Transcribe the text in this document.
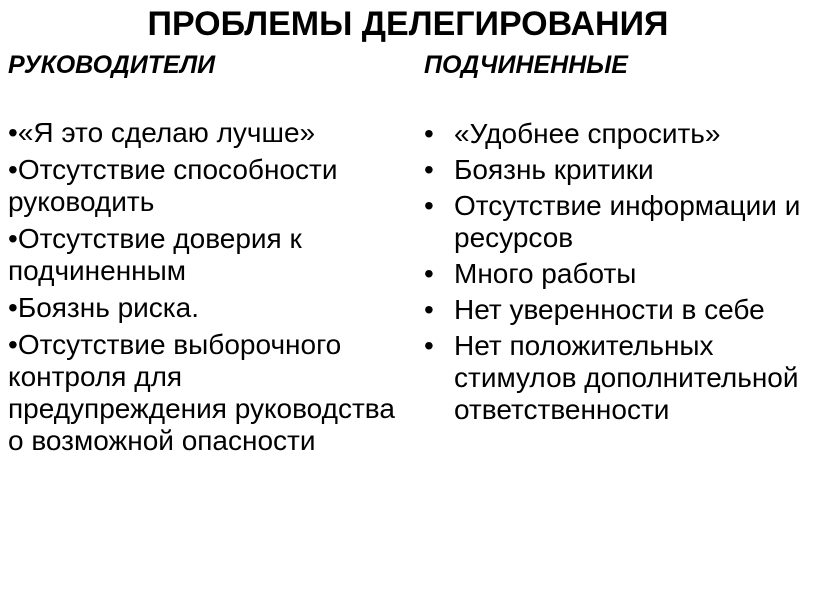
ПРОБЛЕМЫ ДЕЛЕГИРОВАНИЯ
РУКОВОДИТЕЛИ	ПОДЧИНЕННЫЕ
•«Я это сделаю лучше»
•Отсутствие способности руководить
•Отсутствие доверия к подчиненным
•Боязнь риска.
•Отсутствие выборочного контроля для предупреждения руководства о возможной опасности
• «Удобнее спросить»
• Боязнь критики
• Отсутствие информации и ресурсов
• Много работы
• Нет уверенности в себе
• Нет положительных стимулов дополнительной ответственности
